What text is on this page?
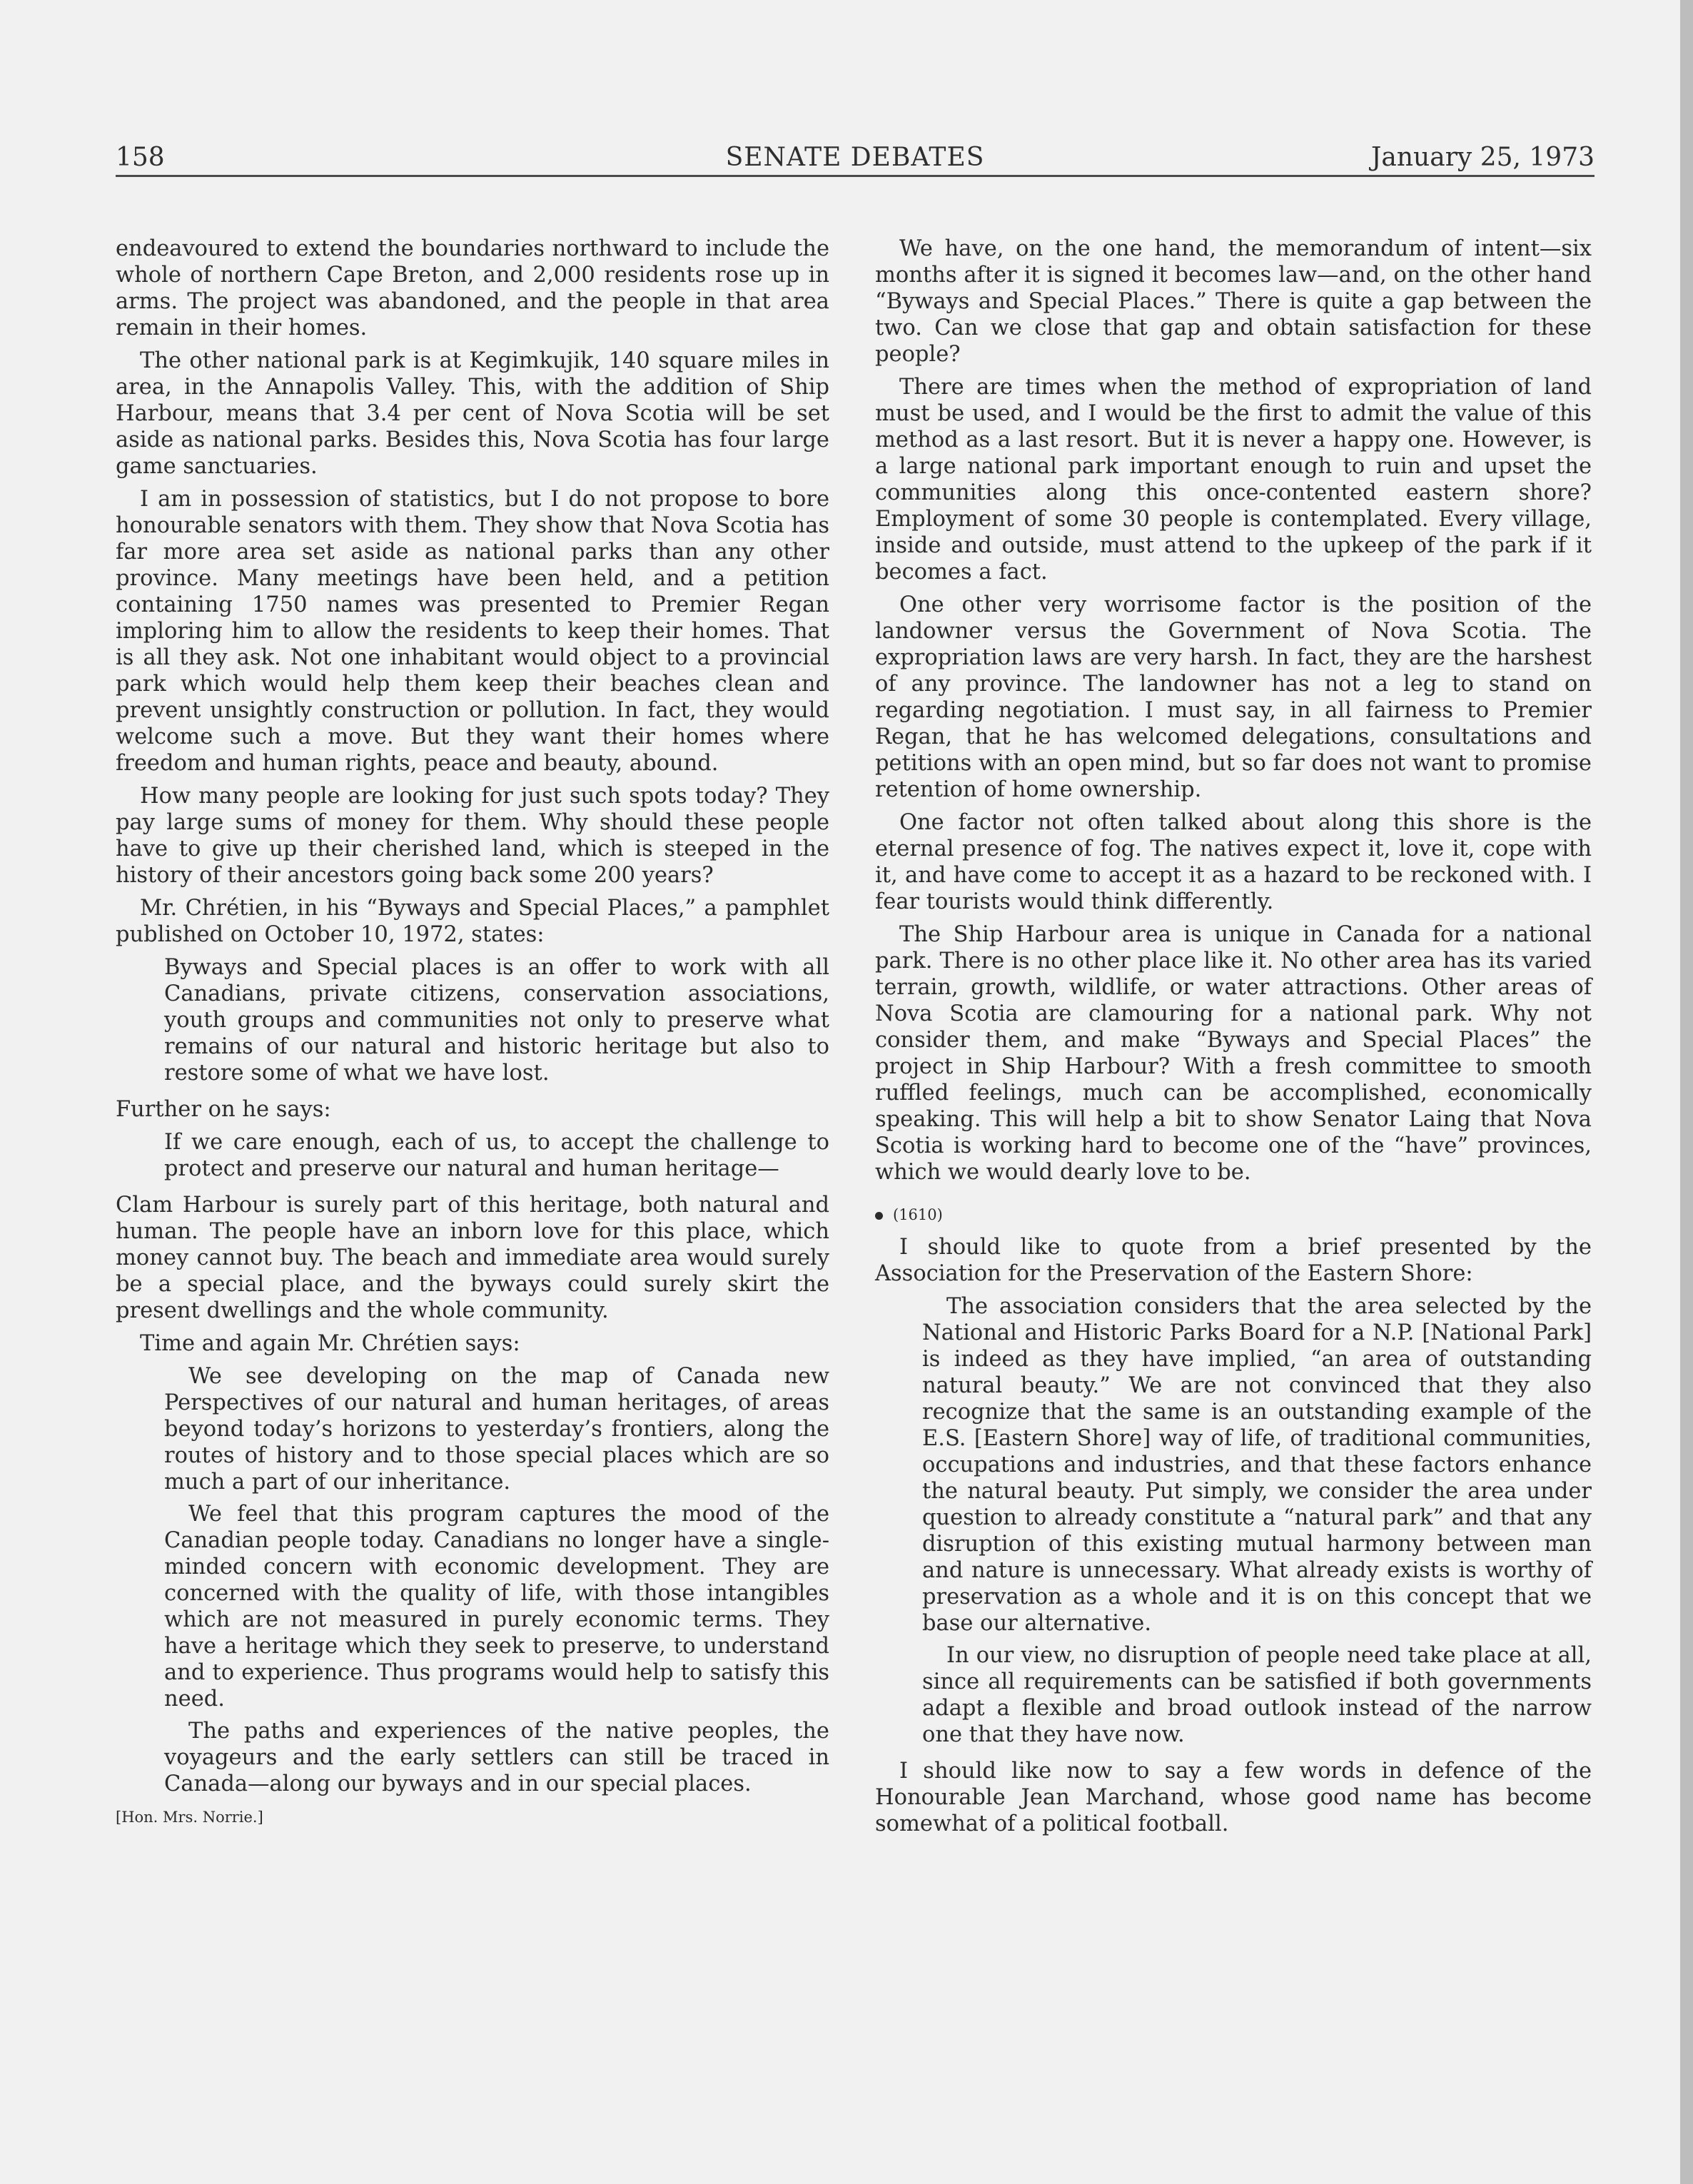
158	SENATE DEBATES	January 25, 1973

endeavoured to extend the boundaries northward to include the whole of northern Cape Breton, and 2,000 residents rose up in arms. The project was abandoned, and the people in that area remain in their homes.

The other national park is at Kegimkujik, 140 square miles in area, in the Annapolis Valley. This, with the addition of Ship Harbour, means that 3.4 per cent of Nova Scotia will be set aside as national parks. Besides this, Nova Scotia has four large game sanctuaries.

I am in possession of statistics, but I do not propose to bore honourable senators with them. They show that Nova Scotia has far more area set aside as national parks than any other province. Many meetings have been held, and a petition containing 1750 names was presented to Premier Regan imploring him to allow the residents to keep their homes. That is all they ask. Not one inhabitant would object to a provincial park which would help them keep their beaches clean and prevent unsightly construction or pollution. In fact, they would welcome such a move. But they want their homes where freedom and human rights, peace and beauty, abound.

How many people are looking for just such spots today? They pay large sums of money for them. Why should these people have to give up their cherished land, which is steeped in the history of their ancestors going back some 200 years?

Mr. Chrétien, in his “Byways and Special Places,” a pamphlet published on October 10, 1972, states:

Byways and Special places is an offer to work with all Canadians, private citizens, conservation associations, youth groups and communities not only to preserve what remains of our natural and historic heritage but also to restore some of what we have lost.

Further on he says:

If we care enough, each of us, to accept the challenge to protect and preserve our natural and human heritage—

Clam Harbour is surely part of this heritage, both natural and human. The people have an inborn love for this place, which money cannot buy. The beach and immediate area would surely be a special place, and the byways could surely skirt the present dwellings and the whole community.

Time and again Mr. Chrétien says:

We see developing on the map of Canada new Perspectives of our natural and human heritages, of areas beyond today’s horizons to yesterday’s frontiers, along the routes of history and to those special places which are so much a part of our inheritance.

We feel that this program captures the mood of the Canadian people today. Canadians no longer have a single-minded concern with economic development. They are concerned with the quality of life, with those intangibles which are not measured in purely economic terms. They have a heritage which they seek to preserve, to understand and to experience. Thus programs would help to satisfy this need.

The paths and experiences of the native peoples, the voyageurs and the early settlers can still be traced in Canada—along our byways and in our special places.

[Hon. Mrs. Norrie.]

We have, on the one hand, the memorandum of intent—six months after it is signed it becomes law—and, on the other hand “Byways and Special Places.” There is quite a gap between the two. Can we close that gap and obtain satisfaction for these people?

There are times when the method of expropriation of land must be used, and I would be the first to admit the value of this method as a last resort. But it is never a happy one. However, is a large national park important enough to ruin and upset the communities along this once-contented eastern shore? Employment of some 30 people is contemplated. Every village, inside and outside, must attend to the upkeep of the park if it becomes a fact.

One other very worrisome factor is the position of the landowner versus the Government of Nova Scotia. The expropriation laws are very harsh. In fact, they are the harshest of any province. The landowner has not a leg to stand on regarding negotiation. I must say, in all fairness to Premier Regan, that he has welcomed delegations, consultations and petitions with an open mind, but so far does not want to promise retention of home ownership.

One factor not often talked about along this shore is the eternal presence of fog. The natives expect it, love it, cope with it, and have come to accept it as a hazard to be reckoned with. I fear tourists would think differently.

The Ship Harbour area is unique in Canada for a national park. There is no other place like it. No other area has its varied terrain, growth, wildlife, or water attractions. Other areas of Nova Scotia are clamouring for a national park. Why not consider them, and make “Byways and Special Places” the project in Ship Harbour? With a fresh committee to smooth ruffled feelings, much can be accomplished, economically speaking. This will help a bit to show Senator Laing that Nova Scotia is working hard to become one of the “have” provinces, which we would dearly love to be.

(1610)

I should like to quote from a brief presented by the Association for the Preservation of the Eastern Shore:

The association considers that the area selected by the National and Historic Parks Board for a N.P. [National Park] is indeed as they have implied, “an area of outstanding natural beauty.” We are not convinced that they also recognize that the same is an outstanding example of the E.S. [Eastern Shore] way of life, of traditional communities, occupations and industries, and that these factors enhance the natural beauty. Put simply, we consider the area under question to already constitute a “natural park” and that any disruption of this existing mutual harmony between man and nature is unnecessary. What already exists is worthy of preservation as a whole and it is on this concept that we base our alternative.

In our view, no disruption of people need take place at all, since all requirements can be satisfied if both governments adapt a flexible and broad outlook instead of the narrow one that they have now.

I should like now to say a few words in defence of the Honourable Jean Marchand, whose good name has become somewhat of a political football.
